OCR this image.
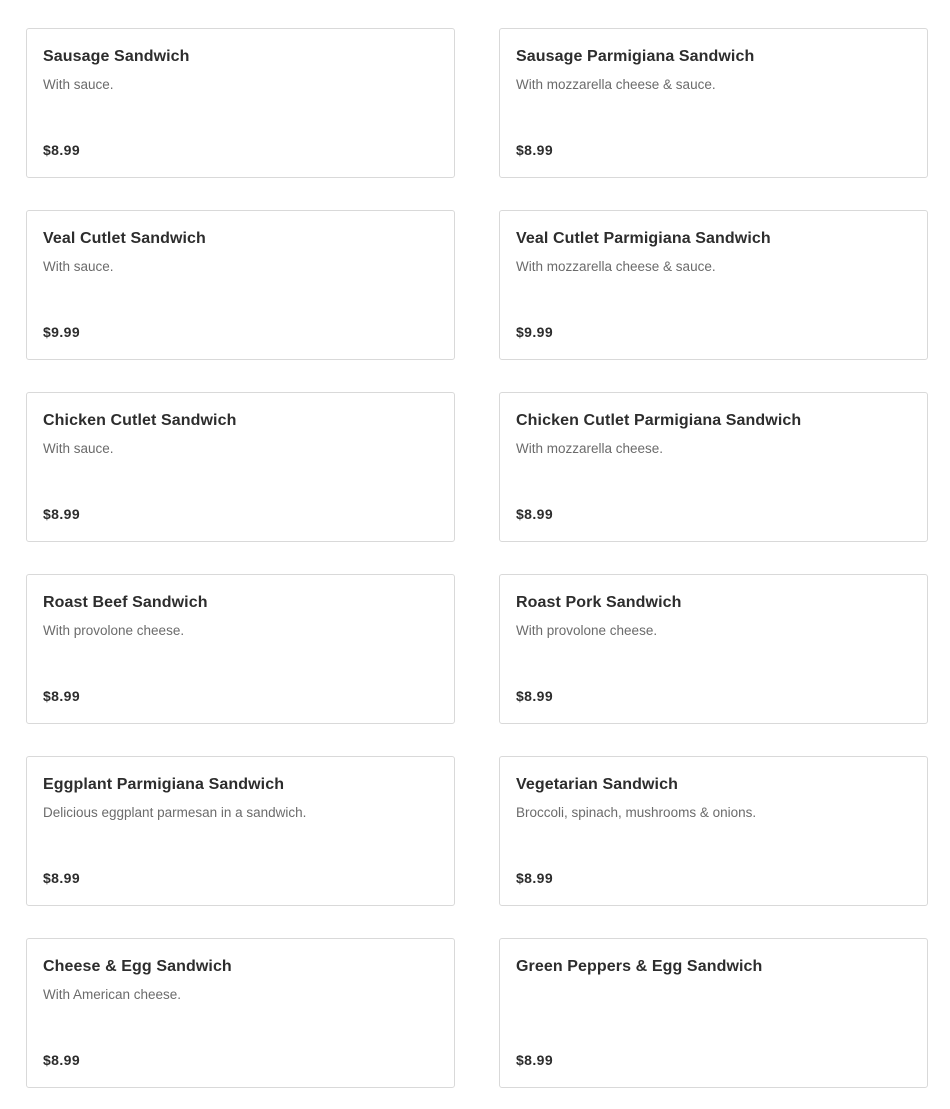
Sausage Sandwich
With sauce.
$8.99
Sausage Parmigiana Sandwich
With mozzarella cheese & sauce.
$8.99
Veal Cutlet Sandwich
With sauce.
$9.99
Veal Cutlet Parmigiana Sandwich
With mozzarella cheese & sauce.
$9.99
Chicken Cutlet Sandwich
With sauce.
$8.99
Chicken Cutlet Parmigiana Sandwich
With mozzarella cheese.
$8.99
Roast Beef Sandwich
With provolone cheese.
$8.99
Roast Pork Sandwich
With provolone cheese.
$8.99
Eggplant Parmigiana Sandwich
Delicious eggplant parmesan in a sandwich.
$8.99
Vegetarian Sandwich
Broccoli, spinach, mushrooms & onions.
$8.99
Cheese & Egg Sandwich
With American cheese.
$8.99
Green Peppers & Egg Sandwich
$8.99
